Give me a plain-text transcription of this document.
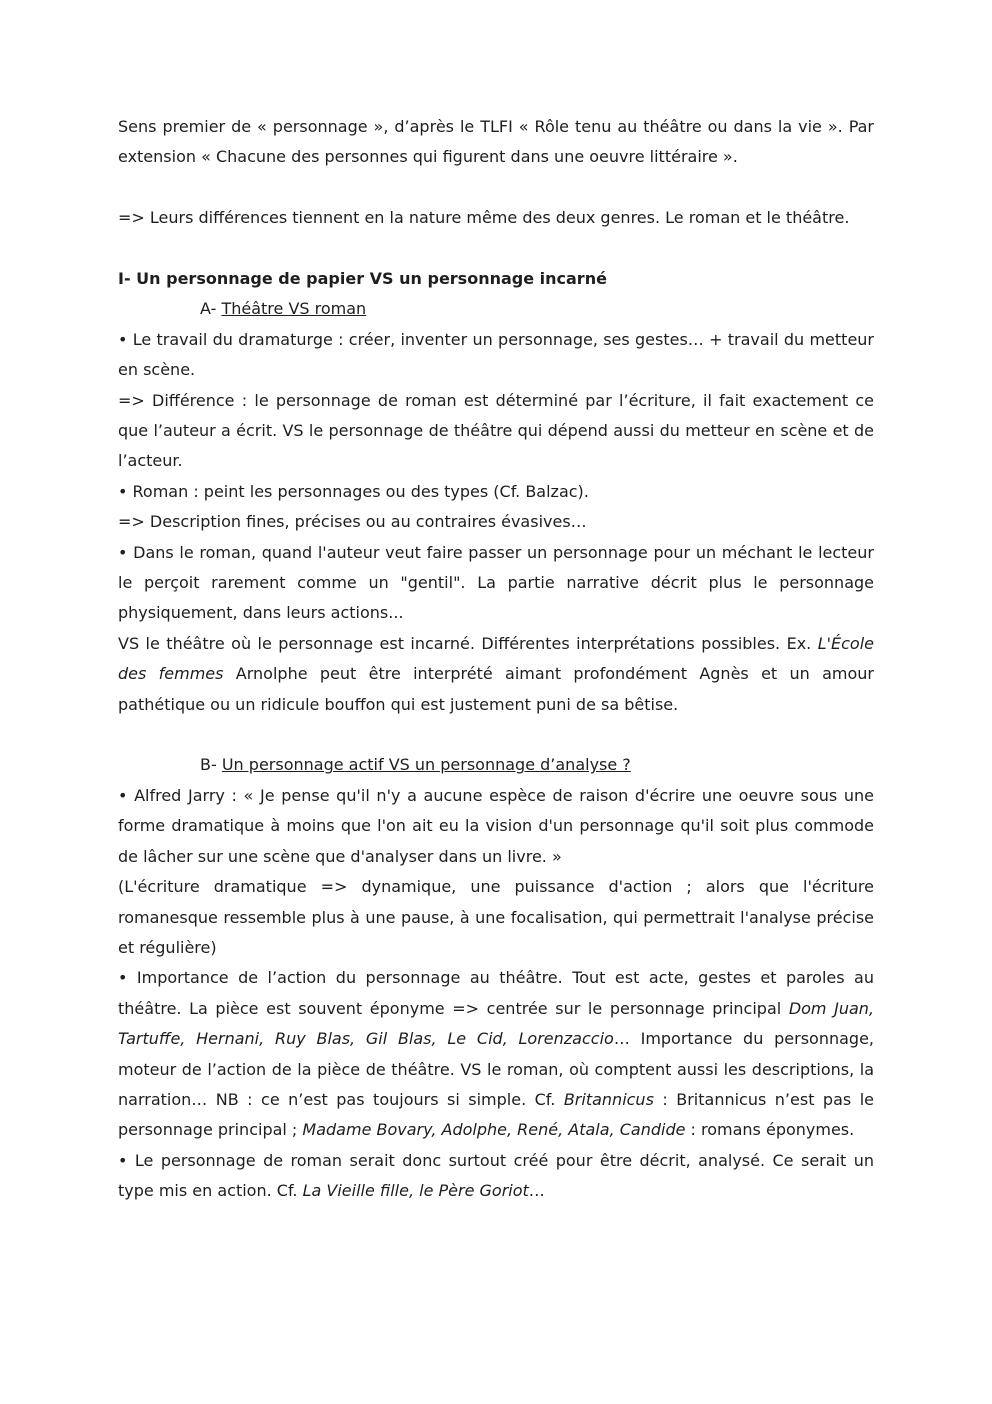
Sens premier de « personnage », d’après le TLFI « Rôle tenu au théâtre ou dans la vie ». Par extension « Chacune des personnes qui figurent dans une oeuvre littéraire ».

=> Leurs différences tiennent en la nature même des deux genres. Le roman et le théâtre.

I- Un personnage de papier VS un personnage incarné

A- Théâtre VS roman

• Le travail du dramaturge : créer, inventer un personnage, ses gestes… + travail du metteur en scène.

=> Différence : le personnage de roman est déterminé par l’écriture, il fait exactement ce que l’auteur a écrit. VS le personnage de théâtre qui dépend aussi du metteur en scène et de l’acteur.

• Roman : peint les personnages ou des types (Cf. Balzac).

=> Description fines, précises ou au contraires évasives…

• Dans le roman, quand l'auteur veut faire passer un personnage pour un méchant le lecteur le perçoit rarement comme un "gentil". La partie narrative décrit plus le personnage physiquement, dans leurs actions...

VS le théâtre où le personnage est incarné. Différentes interprétations possibles. Ex. L'École des femmes Arnolphe peut être interprété aimant profondément Agnès et un amour pathétique ou un ridicule bouffon qui est justement puni de sa bêtise.

B- Un personnage actif VS un personnage d’analyse ?

• Alfred Jarry : « Je pense qu'il n'y a aucune espèce de raison d'écrire une oeuvre sous une forme dramatique à moins que l'on ait eu la vision d'un personnage qu'il soit plus commode de lâcher sur une scène que d'analyser dans un livre. »

(L'écriture dramatique => dynamique, une puissance d'action ; alors que l'écriture romanesque ressemble plus à une pause, à une focalisation, qui permettrait l'analyse précise et régulière)

• Importance de l’action du personnage au théâtre. Tout est acte, gestes et paroles au théâtre. La pièce est souvent éponyme => centrée sur le personnage principal Dom Juan, Tartuffe, Hernani, Ruy Blas, Gil Blas, Le Cid, Lorenzaccio… Importance du personnage, moteur de l’action de la pièce de théâtre. VS le roman, où comptent aussi les descriptions, la narration… NB : ce n’est pas toujours si simple. Cf. Britannicus : Britannicus n’est pas le personnage principal ; Madame Bovary, Adolphe, René, Atala, Candide : romans éponymes.

• Le personnage de roman serait donc surtout créé pour être décrit, analysé. Ce serait un type mis en action. Cf. La Vieille fille, le Père Goriot…
